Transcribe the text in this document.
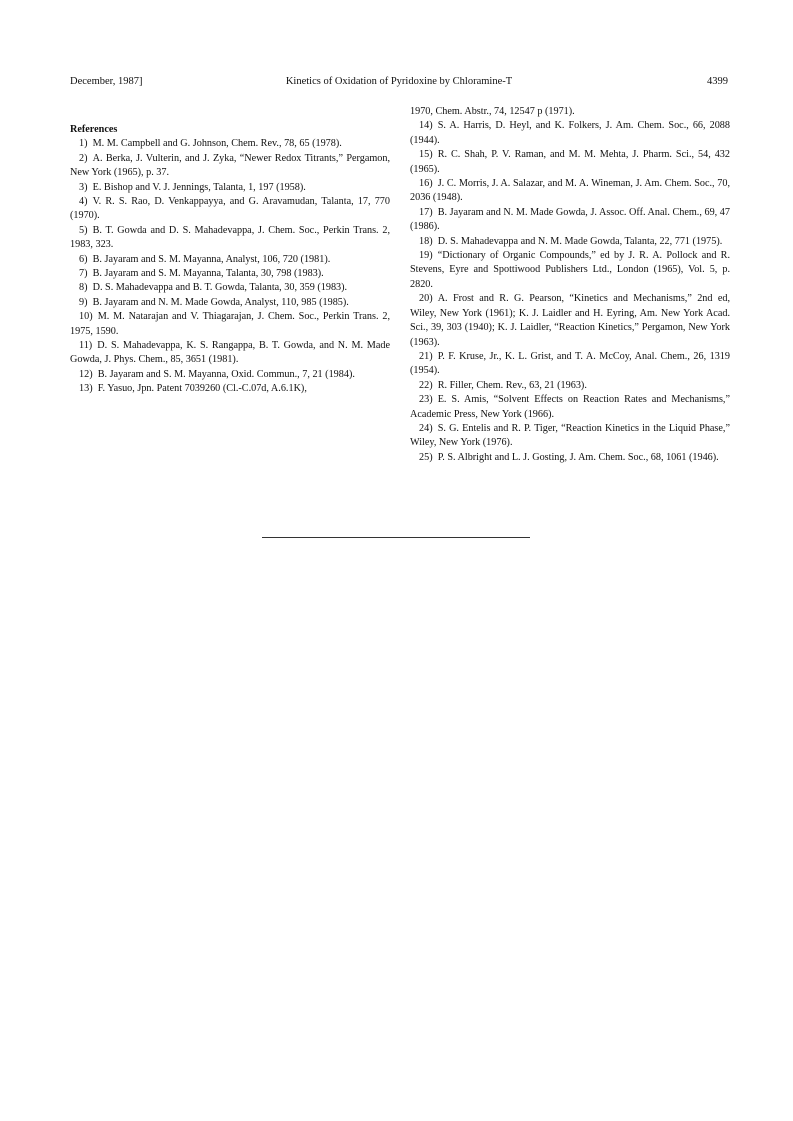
December, 1987]	Kinetics of Oxidation of Pyridoxine by Chloramine-T	4399
References

1)  M. M. Campbell and G. Johnson, Chem. Rev., 78, 65 (1978).

2)  A. Berka, J. Vulterin, and J. Zyka, “Newer Redox Titrants,” Pergamon, New York (1965), p. 37.

3)  E. Bishop and V. J. Jennings, Talanta, 1, 197 (1958).

4)  V. R. S. Rao, D. Venkappayya, and G. Aravamudan, Talanta, 17, 770 (1970).

5)  B. T. Gowda and D. S. Mahadevappa, J. Chem. Soc., Perkin Trans. 2, 1983, 323.

6)  B. Jayaram and S. M. Mayanna, Analyst, 106, 720 (1981).

7)  B. Jayaram and S. M. Mayanna, Talanta, 30, 798 (1983).

8)  D. S. Mahadevappa and B. T. Gowda, Talanta, 30, 359 (1983).

9)  B. Jayaram and N. M. Made Gowda, Analyst, 110, 985 (1985).

10)  M. M. Natarajan and V. Thiagarajan, J. Chem. Soc., Perkin Trans. 2, 1975, 1590.

11)  D. S. Mahadevappa, K. S. Rangappa, B. T. Gowda, and N. M. Made Gowda, J. Phys. Chem., 85, 3651 (1981).

12)  B. Jayaram and S. M. Mayanna, Oxid. Commun., 7, 21 (1984).

13)  F. Yasuo, Jpn. Patent 7039260 (Cl.-C.07d, A.6.1K),

1970, Chem. Abstr., 74, 12547 p (1971).

14)  S. A. Harris, D. Heyl, and K. Folkers, J. Am. Chem. Soc., 66, 2088 (1944).

15)  R. C. Shah, P. V. Raman, and M. M. Mehta, J. Pharm. Sci., 54, 432 (1965).

16)  J. C. Morris, J. A. Salazar, and M. A. Wineman, J. Am. Chem. Soc., 70, 2036 (1948).

17)  B. Jayaram and N. M. Made Gowda, J. Assoc. Off. Anal. Chem., 69, 47 (1986).

18)  D. S. Mahadevappa and N. M. Made Gowda, Talanta, 22, 771 (1975).

19)  “Dictionary of Organic Compounds,” ed by J. R. A. Pollock and R. Stevens, Eyre and Spottiwood Publishers Ltd., London (1965), Vol. 5, p. 2820.

20)  A. Frost and R. G. Pearson, “Kinetics and Mechanisms,” 2nd ed, Wiley, New York (1961); K. J. Laidler and H. Eyring, Am. New York Acad. Sci., 39, 303 (1940); K. J. Laidler, “Reaction Kinetics,” Pergamon, New York (1963).

21)  P. F. Kruse, Jr., K. L. Grist, and T. A. McCoy, Anal. Chem., 26, 1319 (1954).

22)  R. Filler, Chem. Rev., 63, 21 (1963).

23)  E. S. Amis, “Solvent Effects on Reaction Rates and Mechanisms,” Academic Press, New York (1966).

24)  S. G. Entelis and R. P. Tiger, “Reaction Kinetics in the Liquid Phase,” Wiley, New York (1976).

25)  P. S. Albright and L. J. Gosting, J. Am. Chem. Soc., 68, 1061 (1946).
